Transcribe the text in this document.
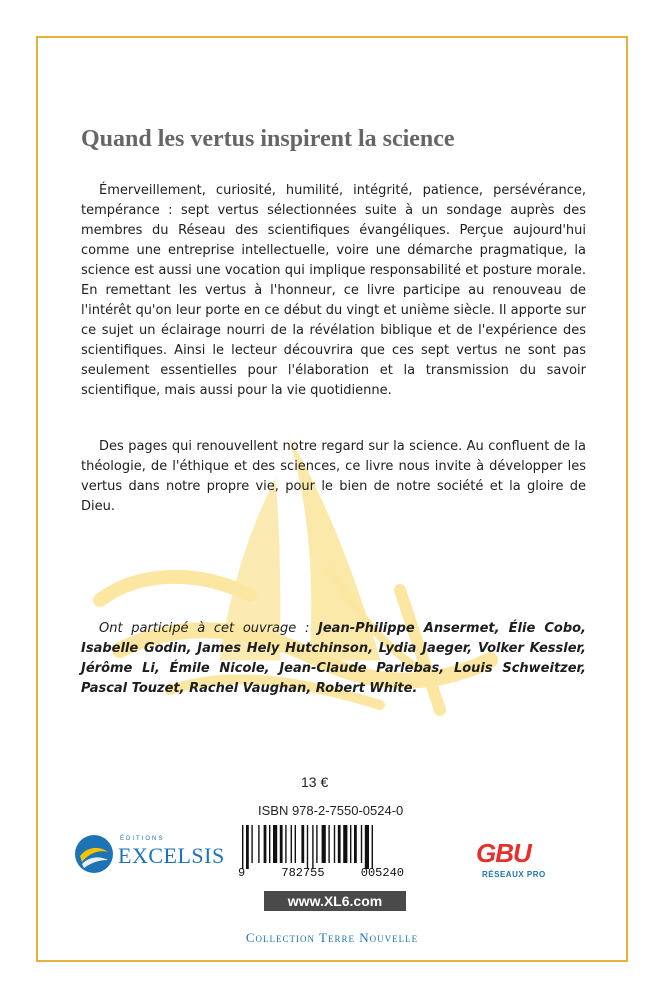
Quand les vertus inspirent la science

Émerveillement, curiosité, humilité, intégrité, patience, persévérance, tempérance : sept vertus sélectionnées suite à un sondage auprès des membres du Réseau des scientifiques évangéliques. Perçue aujourd'hui comme une entreprise intellectuelle, voire une démarche pragmatique, la science est aussi une vocation qui implique responsabilité et posture morale. En remettant les vertus à l'honneur, ce livre participe au renouveau de l'intérêt qu'on leur porte en ce début du vingt et unième siècle. Il apporte sur ce sujet un éclairage nourri de la révélation biblique et de l'expérience des scientifiques. Ainsi le lecteur découvrira que ces sept vertus ne sont pas seulement essentielles pour l'élaboration et la transmission du savoir scientifique, mais aussi pour la vie quotidienne.

Des pages qui renouvellent notre regard sur la science. Au confluent de la théologie, de l'éthique et des sciences, ce livre nous invite à développer les vertus dans notre propre vie, pour le bien de notre société et la gloire de Dieu.

Ont participé à cet ouvrage : Jean-Philippe Ansermet, Élie Cobo, Isabelle Godin, James Hely Hutchinson, Lydia Jaeger, Volker Kessler, Jérôme Li, Émile Nicole, Jean-Claude Parlebas, Louis Schweitzer, Pascal Touzet, Rachel Vaughan, Robert White.

13 €
ISBN 978-2-7550-0524-0
9	782755	005240
www.XL6.com
ÉDITIONS
EXCELSIS	GBU
RÉSEAUX PRO
Collection Terre Nouvelle
